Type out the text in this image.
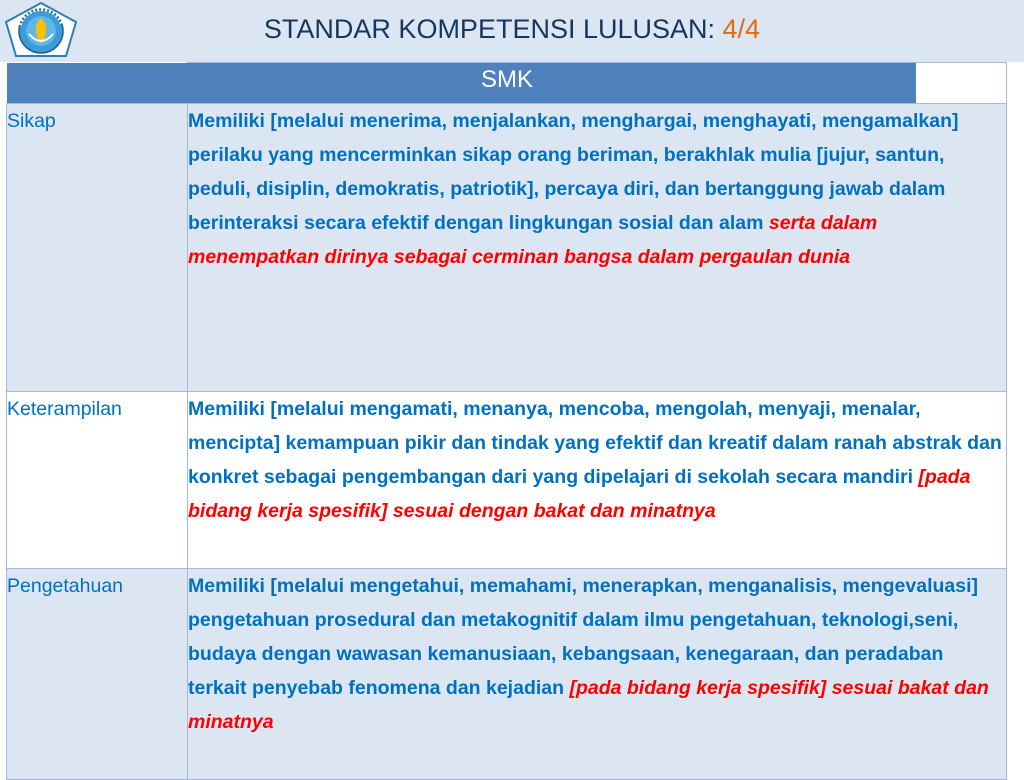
STANDAR KOMPETENSI LULUSAN: 4/4
	SMK
Sikap	Memiliki [melalui menerima, menjalankan, menghargai, menghayati, mengamalkan] perilaku yang mencerminkan sikap orang beriman, berakhlak mulia [jujur, santun, peduli, disiplin, demokratis, patriotik], percaya diri, dan bertanggung jawab dalam berinteraksi secara efektif dengan lingkungan sosial dan alam serta dalam menempatkan dirinya sebagai cerminan bangsa dalam pergaulan dunia
Keterampilan	Memiliki [melalui mengamati, menanya, mencoba, mengolah, menyaji, menalar, mencipta] kemampuan pikir dan tindak yang efektif dan kreatif dalam ranah abstrak dan konkret sebagai pengembangan dari yang dipelajari di sekolah secara mandiri [pada bidang kerja spesifik] sesuai dengan bakat dan minatnya
Pengetahuan	Memiliki [melalui mengetahui, memahami, menerapkan, menganalisis, mengevaluasi] pengetahuan prosedural dan metakognitif dalam ilmu pengetahuan, teknologi,seni, budaya dengan wawasan kemanusiaan, kebangsaan, kenegaraan, dan peradaban terkait penyebab fenomena dan kejadian [pada bidang kerja spesifik] sesuai bakat dan minatnya
